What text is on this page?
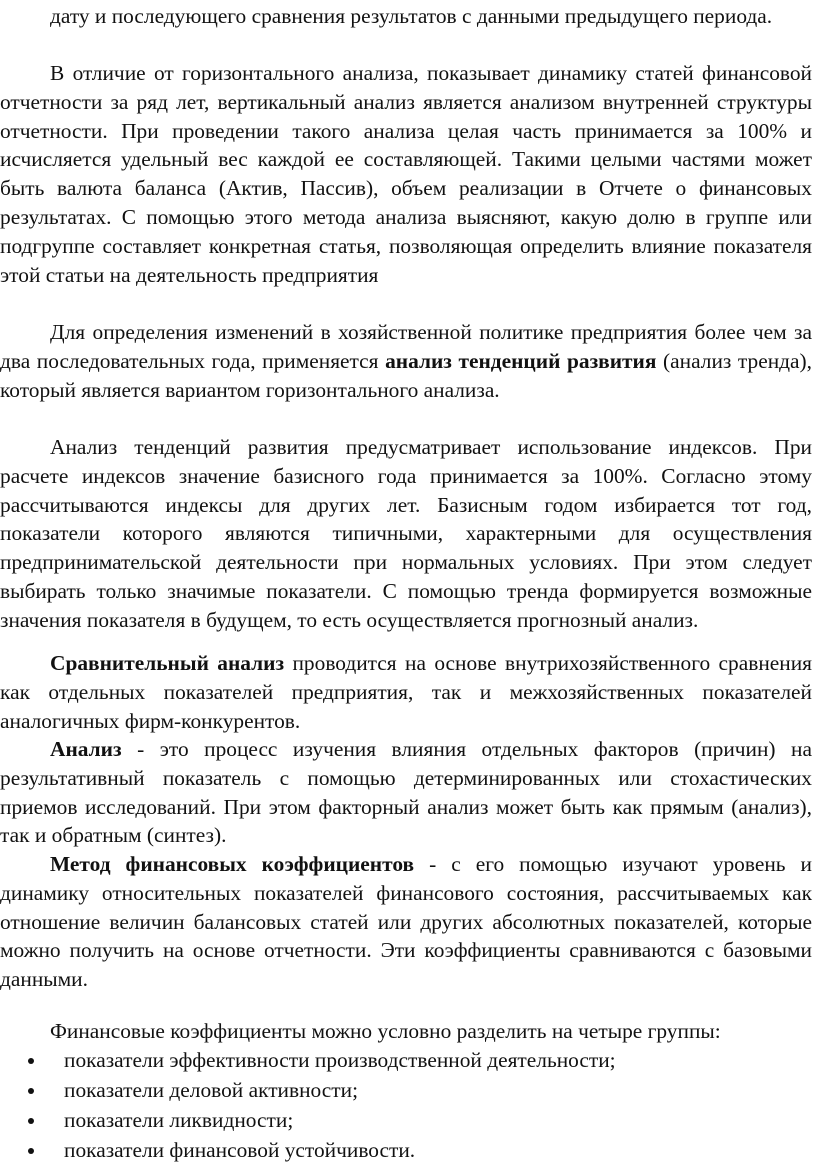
дату и последующего сравнения результатов с данными предыдущего периода.

В отличие от горизонтального анализа, показывает динамику статей финансовой отчетности за ряд лет, вертикальный анализ является анализом внутренней структуры отчетности. При проведении такого анализа целая часть принимается за 100% и исчисляется удельный вес каждой ее составляющей. Такими целыми частями может быть валюта баланса (Актив, Пассив), объем реализации в Отчете о финансовых результатах. С помощью этого метода анализа выясняют, какую долю в группе или подгруппе составляет конкретная статья, позволяющая определить влияние показателя этой статьи на деятельность предприятия

Для определения изменений в хозяйственной политике предприятия более чем за два последовательных года, применяется анализ тенденций развития (анализ тренда), который является вариантом горизонтального анализа.

Анализ тенденций развития предусматривает использование индексов. При расчете индексов значение базисного года принимается за 100%. Согласно этому рассчитываются индексы для других лет. Базисным годом избирается тот год, показатели которого являются типичными, характерными для осуществления предпринимательской деятельности при нормальных условиях. При этом следует выбирать только значимые показатели. С помощью тренда формируется возможные значения показателя в будущем, то есть осуществляется прогнозный анализ.

Сравнительный анализ проводится на основе внутрихозяйственного сравнения как отдельных показателей предприятия, так и межхозяйственных показателей аналогичных фирм-конкурентов.

Анализ - это процесс изучения влияния отдельных факторов (причин) на результативный показатель с помощью детерминированных или стохастических приемов исследований. При этом факторный анализ может быть как прямым (анализ), так и обратным (синтез).

Метод финансовых коэффициентов - с его помощью изучают уровень и динамику относительных показателей финансового состояния, рассчитываемых как отношение величин балансовых статей или других абсолютных показателей, которые можно получить на основе отчетности. Эти коэффициенты сравниваются с базовыми данными.

Финансовые коэффициенты можно условно разделить на четыре группы:

показатели эффективности производственной деятельности;
показатели деловой активности;
показатели ликвидности;
показатели финансовой устойчивости.
